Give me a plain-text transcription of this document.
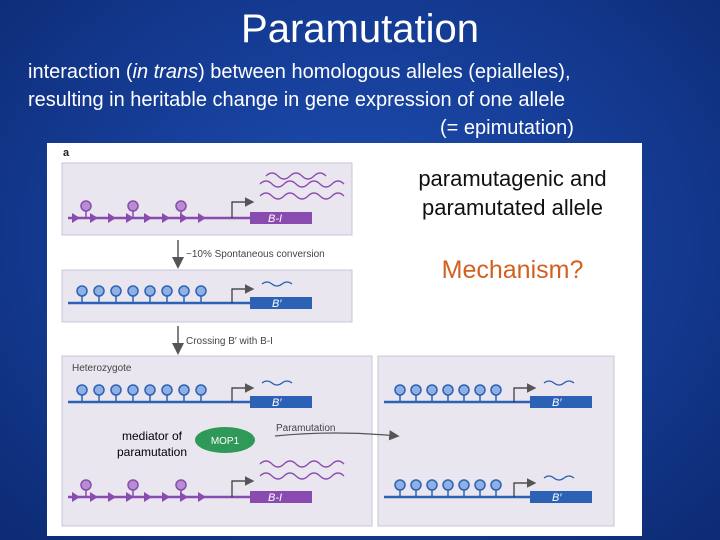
Paramutation
interaction (in trans) between homologous alleles (epialleles),
resulting in heritable change in gene expression of one allele
(= epimutation)
a
B-I
~10% Spontaneous conversion
B′
Crossing B′ with B-I
Heterozygote
B′
MOP1
Paramutation
B-I
B′
B′
paramutagenic and paramutated allele
Mechanism?
mediator of paramutation
